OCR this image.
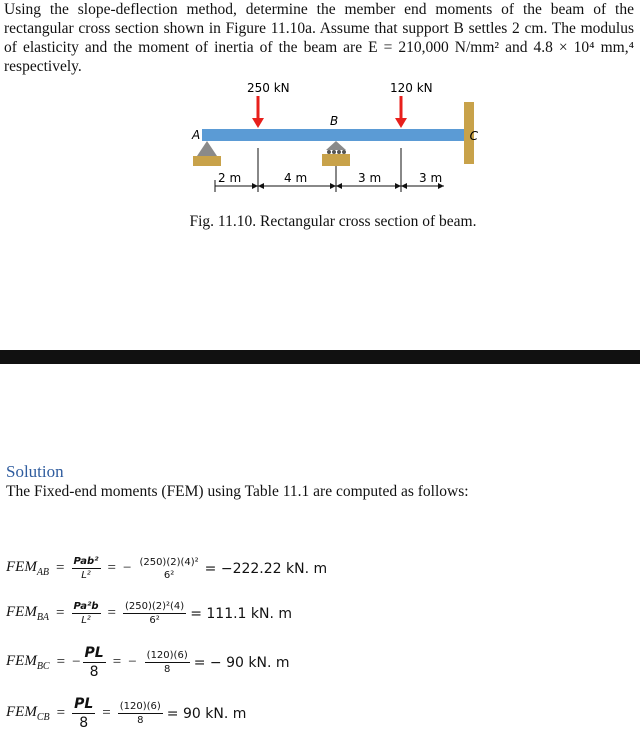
Using the slope-deflection method, determine the member end moments of the beam of the rectangular cross section shown in Figure 11.10a. Assume that support B settles 2 cm. The modulus of elasticity and the moment of inertia of the beam are E = 210,000 N/mm² and 4.8 × 10⁴ mm,⁴ respectively.

250 kN	120 kN
A
B
C
2 m	4 m	3 m	3 m
Fig. 11.10. Rectangular cross section of beam.
Solution
The Fixed-end moments (FEM) using Table 11.1 are computed as follows:
$FEM_{AB} = \frac{\text{Pab²}}{\text{L²}}$ = − (250)(2)(4)²
6² = −222.22 kN. m
$FEM_{BA} = \frac{\text{Pa²b}}{\text{L²}} = \frac{\text{(250)(2)²(4)}}{\text{6²}} = 111.1$ kN. m
$FEM_{BC}$ = − $\frac{PL}{8}$ = − $\frac{(120)(6)}{8}$ = − 90 kN. m
$FEM_{CB} = \frac{PL}{8} = \frac{(120)(6)}{8} = 90$ kN. m
